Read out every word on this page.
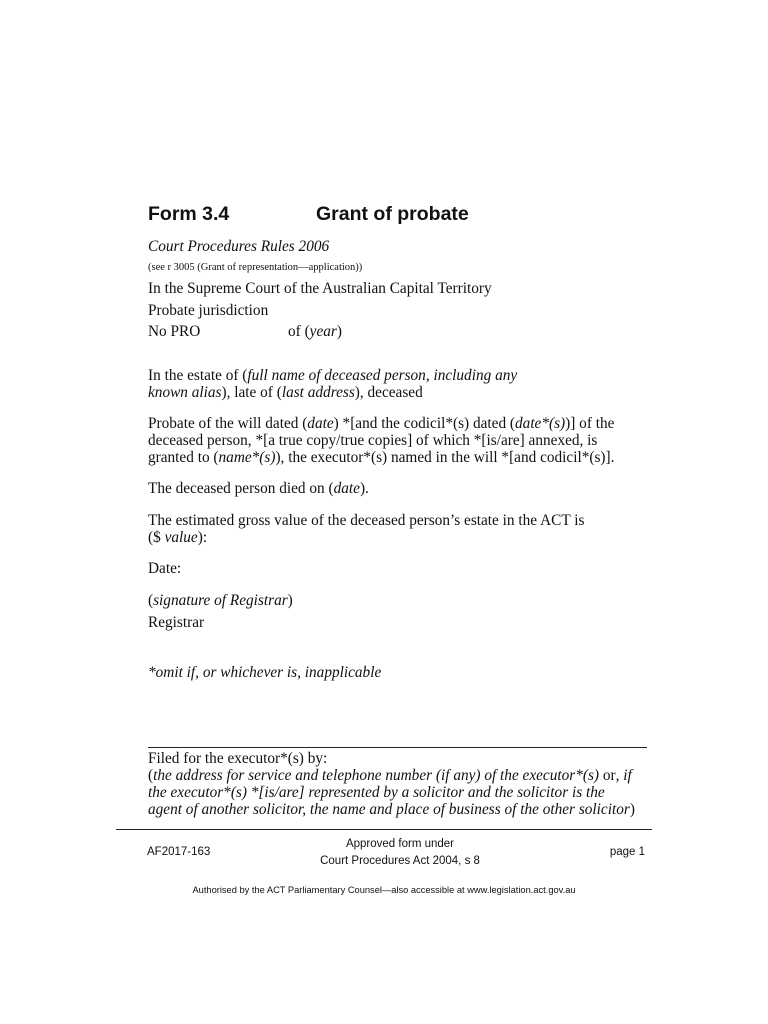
Form 3.4	Grant of probate
Court Procedures Rules 2006
(see r 3005 (Grant of representation—application))
In the Supreme Court of the Australian Capital Territory
Probate jurisdiction
No PRO	of (year)
In the estate of (full name of deceased person, including any
known alias), late of (last address), deceased
Probate of the will dated (date) *[and the codicil*(s) dated (date*(s))] of the
deceased person, *[a true copy/true copies] of which *[is/are] annexed, is
granted to (name*(s)), the executor*(s) named in the will *[and codicil*(s)].
The deceased person died on (date).
The estimated gross value of the deceased person’s estate in the ACT is
($ value):
Date:
(signature of Registrar)
Registrar
*omit if, or whichever is, inapplicable
Filed for the executor*(s) by:
(the address for service and telephone number (if any) of the executor*(s) or, if
the executor*(s) *[is/are] represented by a solicitor and the solicitor is the
agent of another solicitor, the name and place of business of the other solicitor)
AF2017-163
Approved form under
Court Procedures Act 2004, s 8
page 1
Authorised by the ACT Parliamentary Counsel—also accessible at www.legislation.act.gov.au
